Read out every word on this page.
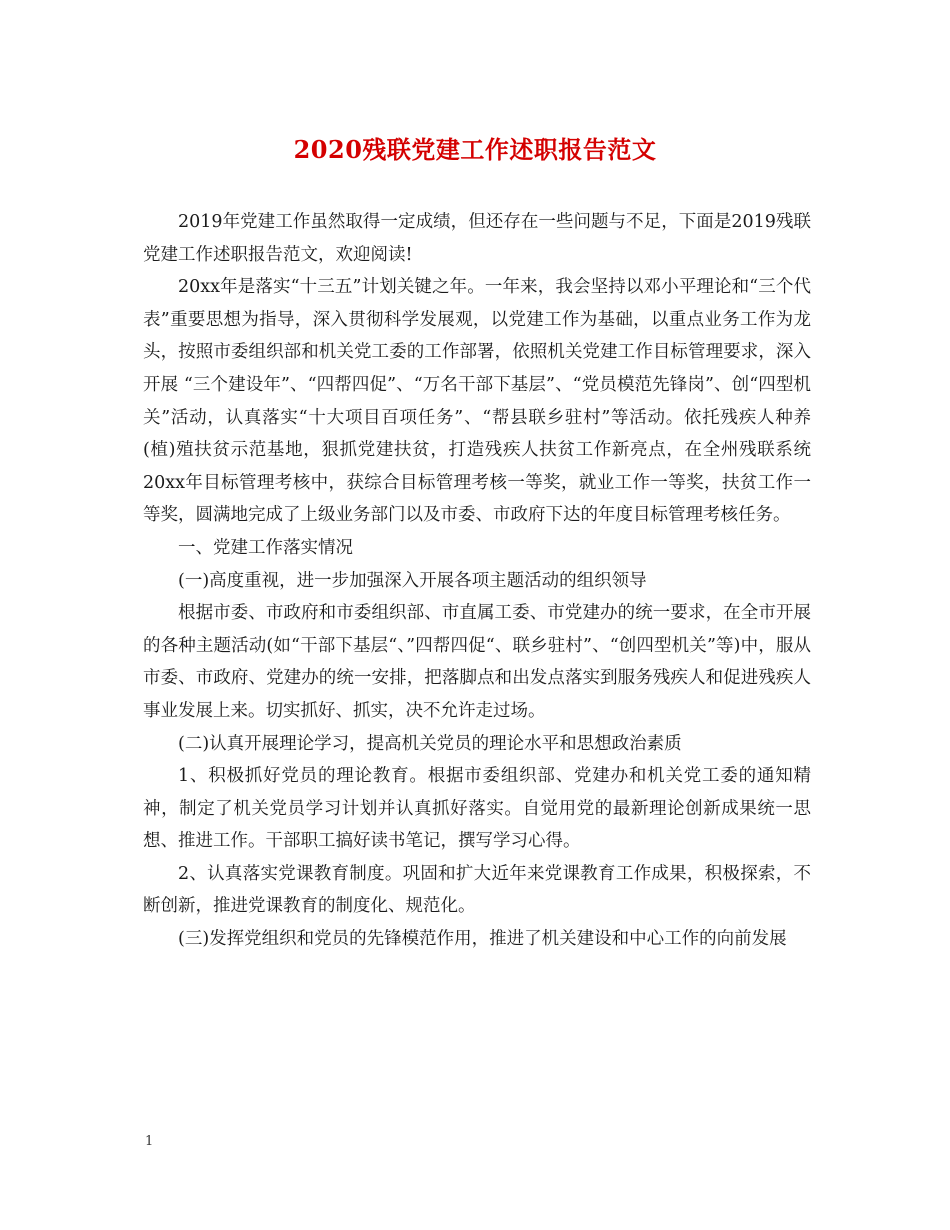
2020残联党建工作述职报告范文

2019年党建工作虽然取得一定成绩，但还存在一些问题与不足，下面是2019残联党建工作述职报告范文，欢迎阅读!

20xx年是落实“十三五”计划关键之年。一年来，我会坚持以邓小平理论和“三个代表”重要思想为指导，深入贯彻科学发展观，以党建工作为基础，以重点业务工作为龙头，按照市委组织部和机关党工委的工作部署，依照机关党建工作目标管理要求，深入开展 “三个建设年”、“四帮四促”、“万名干部下基层”、“党员模范先锋岗”、创“四型机关”活动，认真落实“十大项目百项任务”、“帮县联乡驻村”等活动。依托残疾人种养(植)殖扶贫示范基地，狠抓党建扶贫，打造残疾人扶贫工作新亮点，在全州残联系统20xx年目标管理考核中，获综合目标管理考核一等奖，就业工作一等奖，扶贫工作一等奖，圆满地完成了上级业务部门以及市委、市政府下达的年度目标管理考核任务。

一、党建工作落实情况

(一)高度重视，进一步加强深入开展各项主题活动的组织领导

根据市委、市政府和市委组织部、市直属工委、市党建办的统一要求，在全市开展的各种主题活动(如“干部下基层“、”四帮四促“、联乡驻村”、“创四型机关”等)中，服从市委、市政府、党建办的统一安排，把落脚点和出发点落实到服务残疾人和促进残疾人事业发展上来。切实抓好、抓实，决不允许走过场。

(二)认真开展理论学习，提高机关党员的理论水平和思想政治素质

1、积极抓好党员的理论教育。根据市委组织部、党建办和机关党工委的通知精神，制定了机关党员学习计划并认真抓好落实。自觉用党的最新理论创新成果统一思想、推进工作。干部职工搞好读书笔记，撰写学习心得。

2、认真落实党课教育制度。巩固和扩大近年来党课教育工作成果，积极探索，不断创新，推进党课教育的制度化、规范化。

(三)发挥党组织和党员的先锋模范作用，推进了机关建设和中心工作的向前发展

1
